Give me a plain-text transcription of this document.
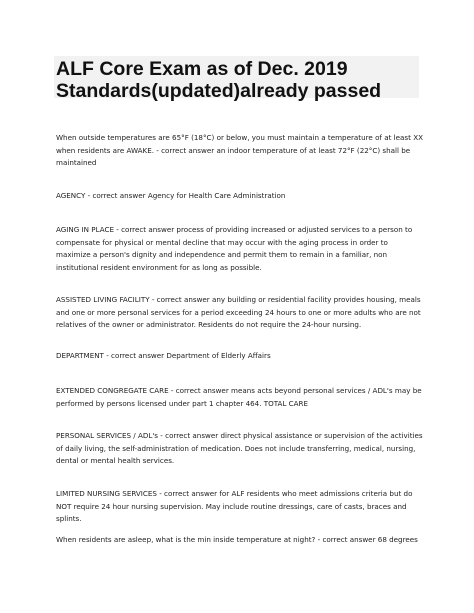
ALF Core Exam as of Dec. 2019
Standards(updated)already passed

When outside temperatures are 65°F (18°C) or below, you must maintain a temperature of at least XX when residents are AWAKE. - correct answer an indoor temperature of at least 72°F (22°C) shall be maintained

AGENCY - correct answer Agency for Health Care Administration

AGING IN PLACE - correct answer process of providing increased or adjusted services to a person to compensate for physical or mental decline that may occur with the aging process in order to maximize a person's dignity and independence and permit them to remain in a familiar, non institutional resident environment for as long as possible.

ASSISTED LIVING FACILITY - correct answer any building or residential facility provides housing, meals and one or more personal services for a period exceeding 24 hours to one or more adults who are not relatives of the owner or administrator. Residents do not require the 24-hour nursing.

DEPARTMENT - correct answer Department of Elderly Affairs

EXTENDED CONGREGATE CARE - correct answer means acts beyond personal services / ADL's may be performed by persons licensed under part 1 chapter 464. TOTAL CARE

PERSONAL SERVICES / ADL's - correct answer direct physical assistance or supervision of the activities of daily living, the self-administration of medication. Does not include transferring, medical, nursing, dental or mental health services.

LIMITED NURSING SERVICES - correct answer for ALF residents who meet admissions criteria but do NOT require 24 hour nursing supervision. May include routine dressings, care of casts, braces and splints.

When residents are asleep, what is the min inside temperature at night? - correct answer 68 degrees
